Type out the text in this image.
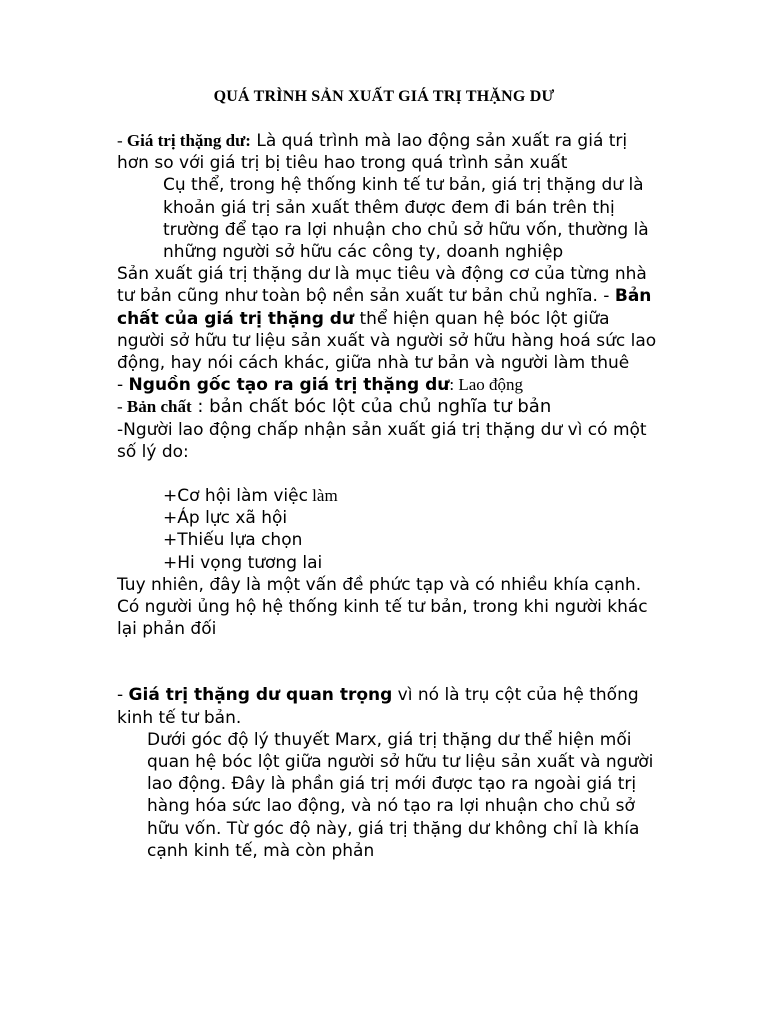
QUÁ TRÌNH SẢN XUẤT GIÁ TRỊ THẶNG DƯ

- Giá trị thặng dư: Là quá trình mà lao động sản xuất ra giá trị hơn so với giá trị bị tiêu hao trong quá trình sản xuất

Cụ thể, trong hệ thống kinh tế tư bản, giá trị thặng dư là khoản giá trị sản xuất thêm được đem đi bán trên thị trường để tạo ra lợi nhuận cho chủ sở hữu vốn, thường là những người sở hữu các công ty, doanh nghiệp

Sản xuất giá trị thặng dư là mục tiêu và động cơ của từng nhà tư bản cũng như toàn bộ nền sản xuất tư bản chủ nghĩa. - Bản chất của giá trị thặng dư thể hiện quan hệ bóc lột giữa người sở hữu tư liệu sản xuất và người sở hữu hàng hoá sức lao động, hay nói cách khác, giữa nhà tư bản và người làm thuê

- Nguồn gốc tạo ra giá trị thặng dư: Lao động

- Bản chất : bản chất bóc lột của chủ nghĩa tư bản

-Người lao động chấp nhận sản xuất giá trị thặng dư vì có một số lý do:

+Cơ hội làm việc làm

+Áp lực xã hội

+Thiếu lựa chọn

+Hi vọng tương lai

Tuy nhiên, đây là một vấn đề phức tạp và có nhiều khía cạnh. Có người ủng hộ hệ thống kinh tế tư bản, trong khi người khác lại phản đối

- Giá trị thặng dư quan trọng vì nó là trụ cột của hệ thống kinh tế tư bản.

Dưới góc độ lý thuyết Marx, giá trị thặng dư thể hiện mối quan hệ bóc lột giữa người sở hữu tư liệu sản xuất và người lao động. Đây là phần giá trị mới được tạo ra ngoài giá trị hàng hóa sức lao động, và nó tạo ra lợi nhuận cho chủ sở hữu vốn. Từ góc độ này, giá trị thặng dư không chỉ là khía cạnh kinh tế, mà còn phản
